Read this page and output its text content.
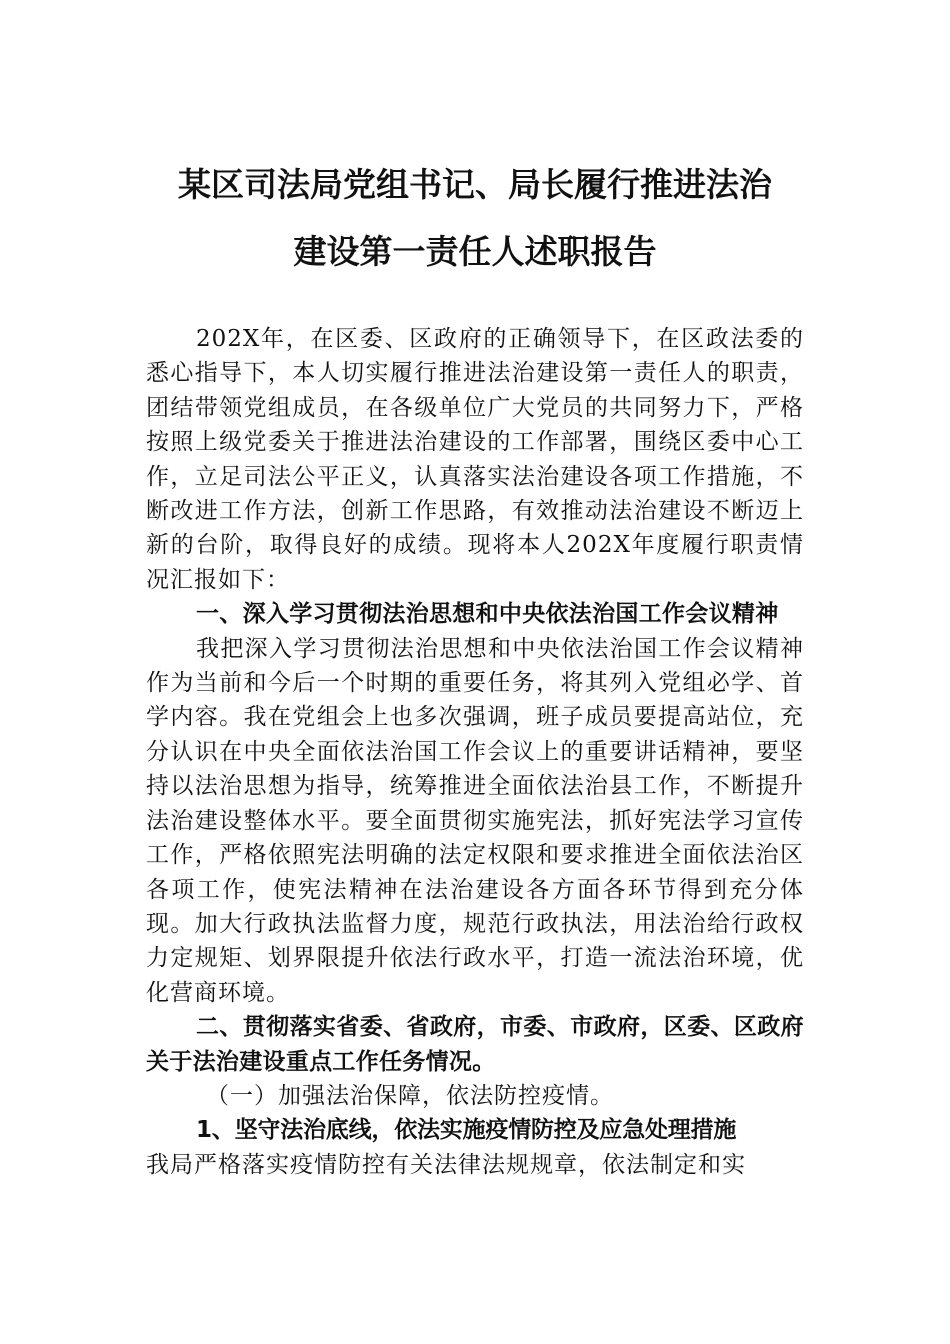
某区司法局党组书记、局长履行推进法治
建设第一责任人述职报告

202X年，在区委、区政府的正确领导下，在区政法委的悉心指导下，本人切实履行推进法治建设第一责任人的职责，团结带领党组成员，在各级单位广大党员的共同努力下，严格按照上级党委关于推进法治建设的工作部署，围绕区委中心工作，立足司法公平正义，认真落实法治建设各项工作措施，不断改进工作方法，创新工作思路，有效推动法治建设不断迈上新的台阶，取得良好的成绩。现将本人202X年度履行职责情况汇报如下：

一、深入学习贯彻法治思想和中央依法治国工作会议精神

我把深入学习贯彻法治思想和中央依法治国工作会议精神作为当前和今后一个时期的重要任务，将其列入党组必学、首学内容。我在党组会上也多次强调，班子成员要提高站位，充分认识在中央全面依法治国工作会议上的重要讲话精神，要坚持以法治思想为指导，统筹推进全面依法治县工作，不断提升法治建设整体水平。要全面贯彻实施宪法，抓好宪法学习宣传工作，严格依照宪法明确的法定权限和要求推进全面依法治区各项工作，使宪法精神在法治建设各方面各环节得到充分体现。加大行政执法监督力度，规范行政执法，用法治给行政权力定规矩、划界限提升依法行政水平，打造一流法治环境，优化营商环境。

二、贯彻落实省委、省政府，市委、市政府，区委、区政府关于法治建设重点工作任务情况。

（一）加强法治保障，依法防控疫情。

1、坚守法治底线，依法实施疫情防控及应急处理措施

我局严格落实疫情防控有关法律法规规章，依法制定和实
